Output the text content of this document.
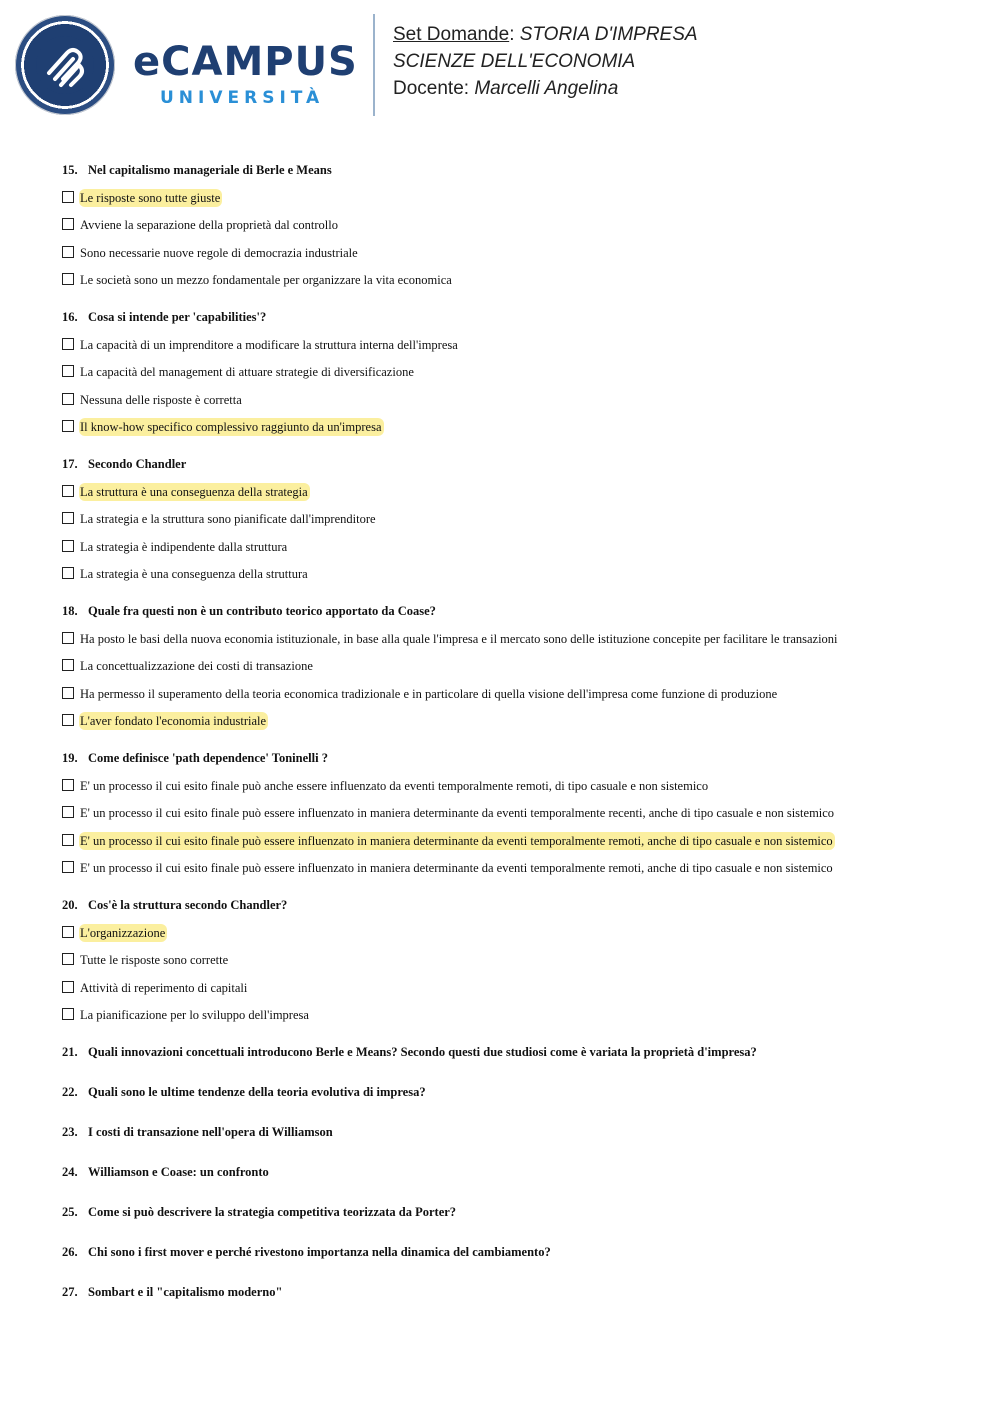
eCAMPUS
UNIVERSITÀ
Set Domande: STORIA D'IMPRESA
SCIENZE DELL'ECONOMIA
Docente: Marcelli Angelina
15. Nel capitalismo manageriale di Berle e Means
Le risposte sono tutte giuste
Avviene la separazione della proprietà dal controllo
Sono necessarie nuove regole di democrazia industriale
Le società sono un mezzo fondamentale per organizzare la vita economica
16. Cosa si intende per 'capabilities'?
La capacità di un imprenditore a modificare la struttura interna dell'impresa
La capacità del management di attuare strategie di diversificazione
Nessuna delle risposte è corretta
Il know-how specifico complessivo raggiunto da un'impresa
17. Secondo Chandler
La struttura è una conseguenza della strategia
La strategia e la struttura sono pianificate dall'imprenditore
La strategia è indipendente dalla struttura
La strategia è una conseguenza della struttura
18. Quale fra questi non è un contributo teorico apportato da Coase?
Ha posto le basi della nuova economia istituzionale, in base alla quale l'impresa e il mercato sono delle istituzione concepite per facilitare le transazioni
La concettualizzazione dei costi di transazione
Ha permesso il superamento della teoria economica tradizionale e in particolare di quella visione dell'impresa come funzione di produzione
L'aver fondato l'economia industriale
19. Come definisce 'path dependence' Toninelli ?
E' un processo il cui esito finale può anche essere influenzato da eventi temporalmente remoti, di tipo casuale e non sistemico
E' un processo il cui esito finale può essere influenzato in maniera determinante da eventi temporalmente recenti, anche di tipo casuale e non sistemico
E' un processo il cui esito finale può essere influenzato in maniera determinante da eventi temporalmente remoti, anche di tipo casuale e non sistemico
E' un processo il cui esito finale può essere influenzato in maniera determinante da eventi temporalmente remoti, anche di tipo casuale e non sistemico
20. Cos'è la struttura secondo Chandler?
L'organizzazione
Tutte le risposte sono corrette
Attività di reperimento di capitali
La pianificazione per lo sviluppo dell'impresa
21. Quali innovazioni concettuali introducono Berle e Means? Secondo questi due studiosi come è variata la proprietà d'impresa?
22. Quali sono le ultime tendenze della teoria evolutiva di impresa?
23. I costi di transazione nell'opera di Williamson
24. Williamson e Coase: un confronto
25. Come si può descrivere la strategia competitiva teorizzata da Porter?
26. Chi sono i first mover e perché rivestono importanza nella dinamica del cambiamento?
27. Sombart e il "capitalismo moderno"
